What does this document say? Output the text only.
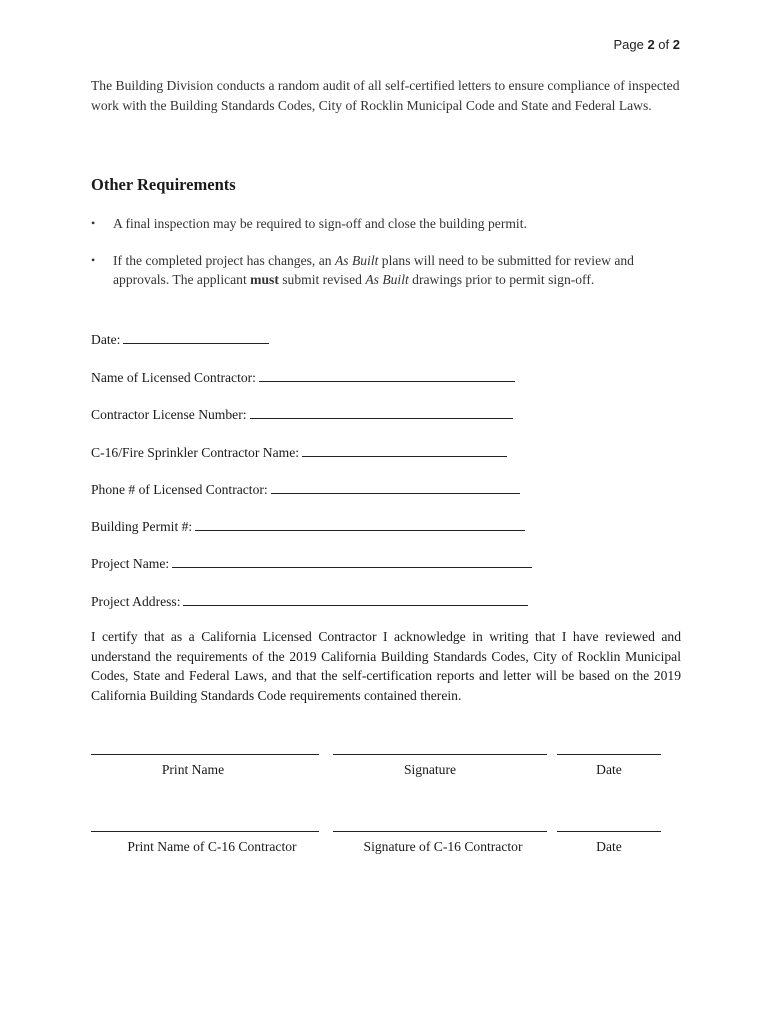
Page 2 of 2

The Building Division conducts a random audit of all self-certified letters to ensure compliance of inspected work with the Building Standards Codes, City of Rocklin Municipal Code and State and Federal Laws.

Other Requirements
• A final inspection may be required to sign-off and close the building permit.
• If the completed project has changes, an As Built plans will need to be submitted for review and approvals. The applicant must submit revised As Built drawings prior to permit sign-off.
Date:
Name of Licensed Contractor:
Contractor License Number:
C-16/Fire Sprinkler Contractor Name:
Phone # of Licensed Contractor:
Building Permit #:
Project Name:
Project Address:

I certify that as a California Licensed Contractor I acknowledge in writing that I have reviewed and understand the requirements of the 2019 California Building Standards Codes, City of Rocklin Municipal Codes, State and Federal Laws, and that the self-certification reports and letter will be based on the 2019 California Building Standards Code requirements contained therein.

Print Name	Signature	Date
Print Name of C-16 Contractor	Signature of C-16 Contractor	Date
